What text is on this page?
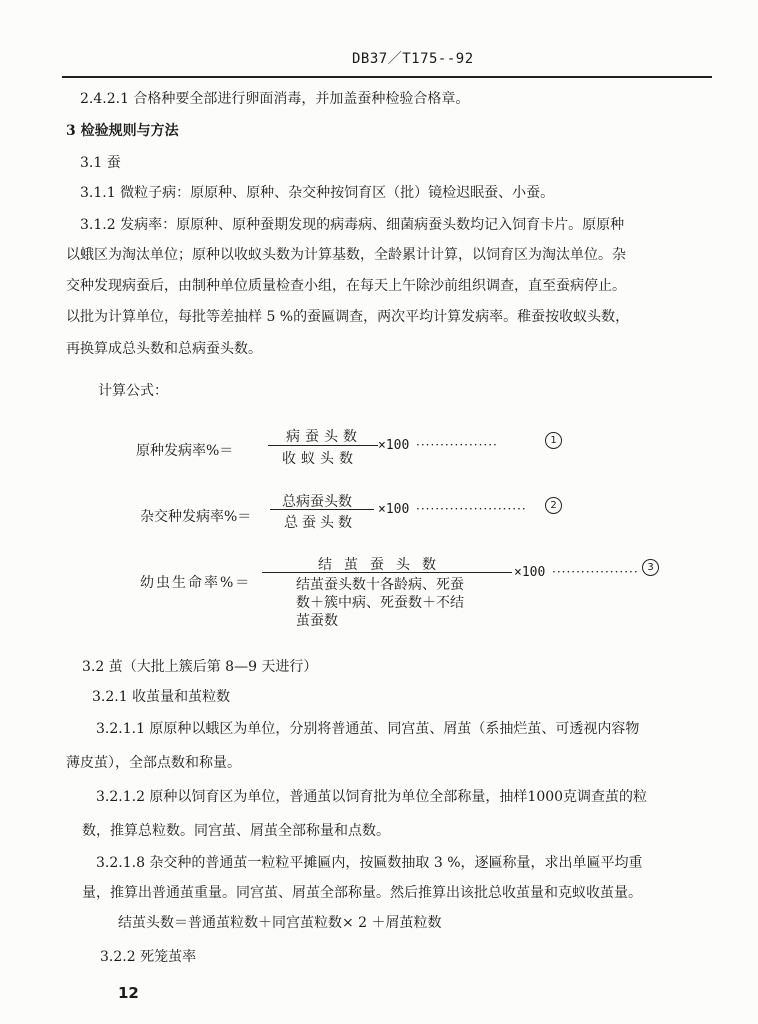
DB37／T175--92
2.4.2.1 合格种要全部进行卵面消毒，并加盖蚕种检验合格章。
3 检验规则与方法
3.1 蚕
3.1.1 微粒子病：原原种、原种、杂交种按饲育区（批）镜检迟眠蚕、小蚕。
3.1.2 发病率：原原种、原种蚕期发现的病毒病、细菌病蚕头数均记入饲育卡片。原原种
以蛾区为淘汰单位；原种以收蚁头数为计算基数，全龄累计计算，以饲育区为淘汰单位。杂
交种发现病蚕后，由制种单位质量检查小组，在每天上午除沙前组织调查，直至蚕病停止。
以批为计算单位，每批等差抽样 5 %的蚕匾调查，两次平均计算发病率。稚蚕按收蚁头数，
再换算成总头数和总病蚕头数。
计算公式：
原种发病率%＝
病蚕头数
收蚁头数
×100 ·················	1
杂交种发病率%＝
总病蚕头数
总蚕头数
×100 ·······················	2
幼虫生命率%＝
结茧蚕头数
结茧蚕头数十各龄病、死蚕
数＋簇中病、死蚕数＋不结
茧蚕数
×100 ·················· 3
3.2 茧（大批上簇后第 8—9 天进行）
3.2.1 收茧量和茧粒数
3.2.1.1 原原种以蛾区为单位，分别将普通茧、同宫茧、屑茧（系抽烂茧、可透视内容物
薄皮茧），全部点数和称量。
3.2.1.2 原种以饲育区为单位，普通茧以饲育批为单位全部称量，抽样1000克调查茧的粒
数，推算总粒数。同宫茧、屑茧全部称量和点数。
3.2.1.8 杂交种的普通茧一粒粒平摊匾内，按匾数抽取 3 %，逐匾称量，求出单匾平均重
量，推算出普通茧重量。同宫茧、屑茧全部称量。然后推算出该批总收茧量和克蚁收茧量。
结茧头数＝普通茧粒数＋同宫茧粒数× 2 ＋屑茧粒数
3.2.2 死笼茧率
12
